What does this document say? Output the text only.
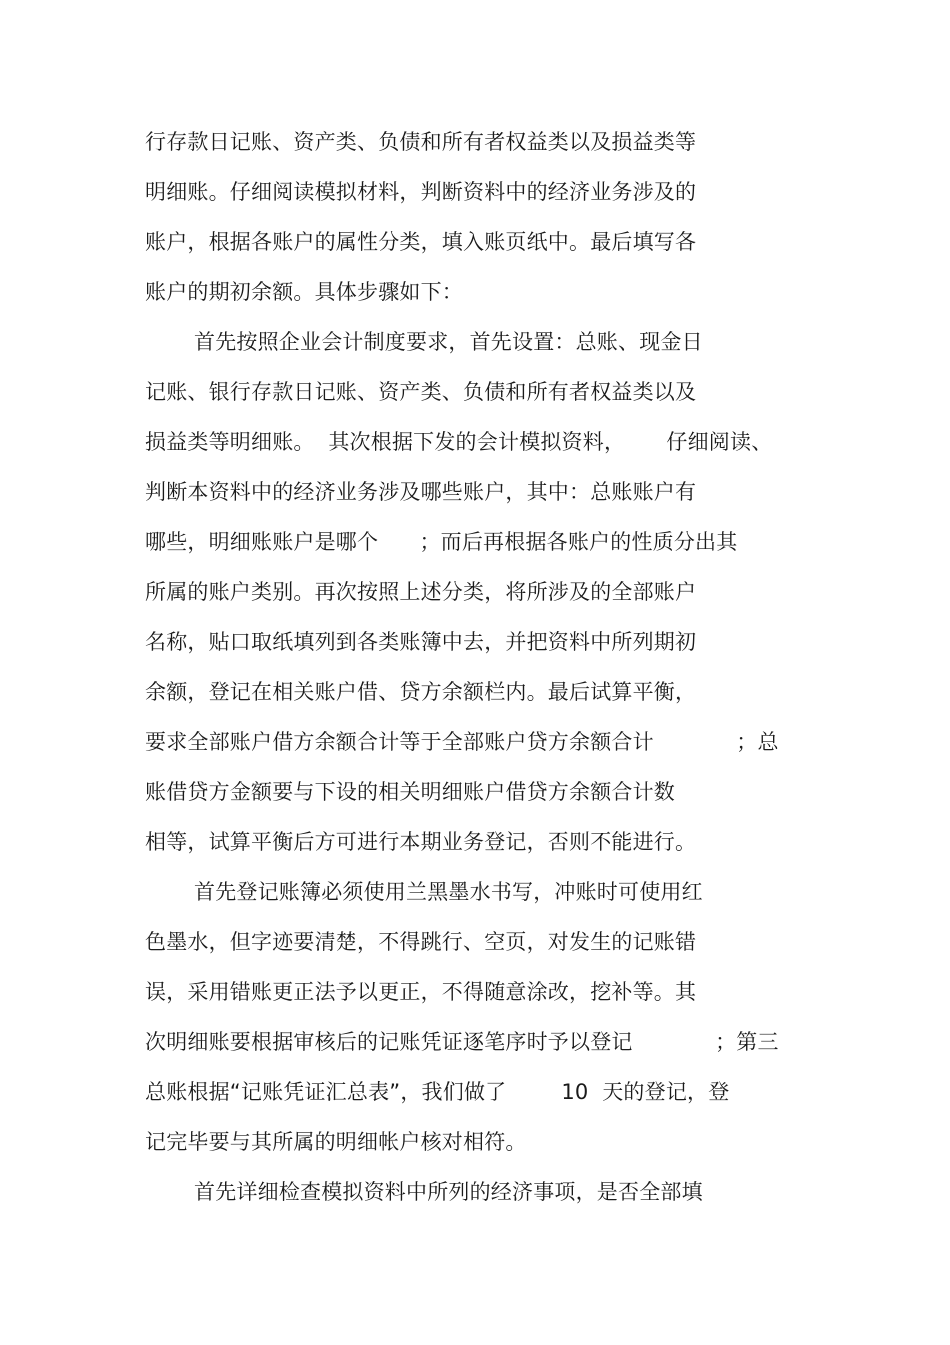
行存款日记账、资产类、负债和所有者权益类以及损益类等
明细账。仔细阅读模拟材料，判断资料中的经济业务涉及的
账户，根据各账户的属性分类，填入账页纸中。最后填写各
账户的期初余额。具体步骤如下：
首先按照企业会计制度要求，首先设置：总账、现金日
记账、银行存款日记账、资产类、负债和所有者权益类以及
损益类等明细账。  其次根据下发的会计模拟资料，      仔细阅读、
判断本资料中的经济业务涉及哪些账户，其中：总账账户有
哪些，明细账账户是哪个      ；而后再根据各账户的性质分出其
所属的账户类别。再次按照上述分类，将所涉及的全部账户
名称，贴口取纸填列到各类账簿中去，并把资料中所列期初
余额，登记在相关账户借、贷方余额栏内。最后试算平衡，
要求全部账户借方余额合计等于全部账户贷方余额合计            ；总
账借贷方金额要与下设的相关明细账户借贷方余额合计数
相等，试算平衡后方可进行本期业务登记，否则不能进行。
首先登记账簿必须使用兰黑墨水书写，冲账时可使用红
色墨水，但字迹要清楚，不得跳行、空页，对发生的记账错
误，采用错账更正法予以更正，不得随意涂改，挖补等。其
次明细账要根据审核后的记账凭证逐笔序时予以登记            ；第三
总账根据“记账凭证汇总表”，我们做了        10  天的登记，登
记完毕要与其所属的明细帐户核对相符。
首先详细检查模拟资料中所列的经济事项，是否全部填
